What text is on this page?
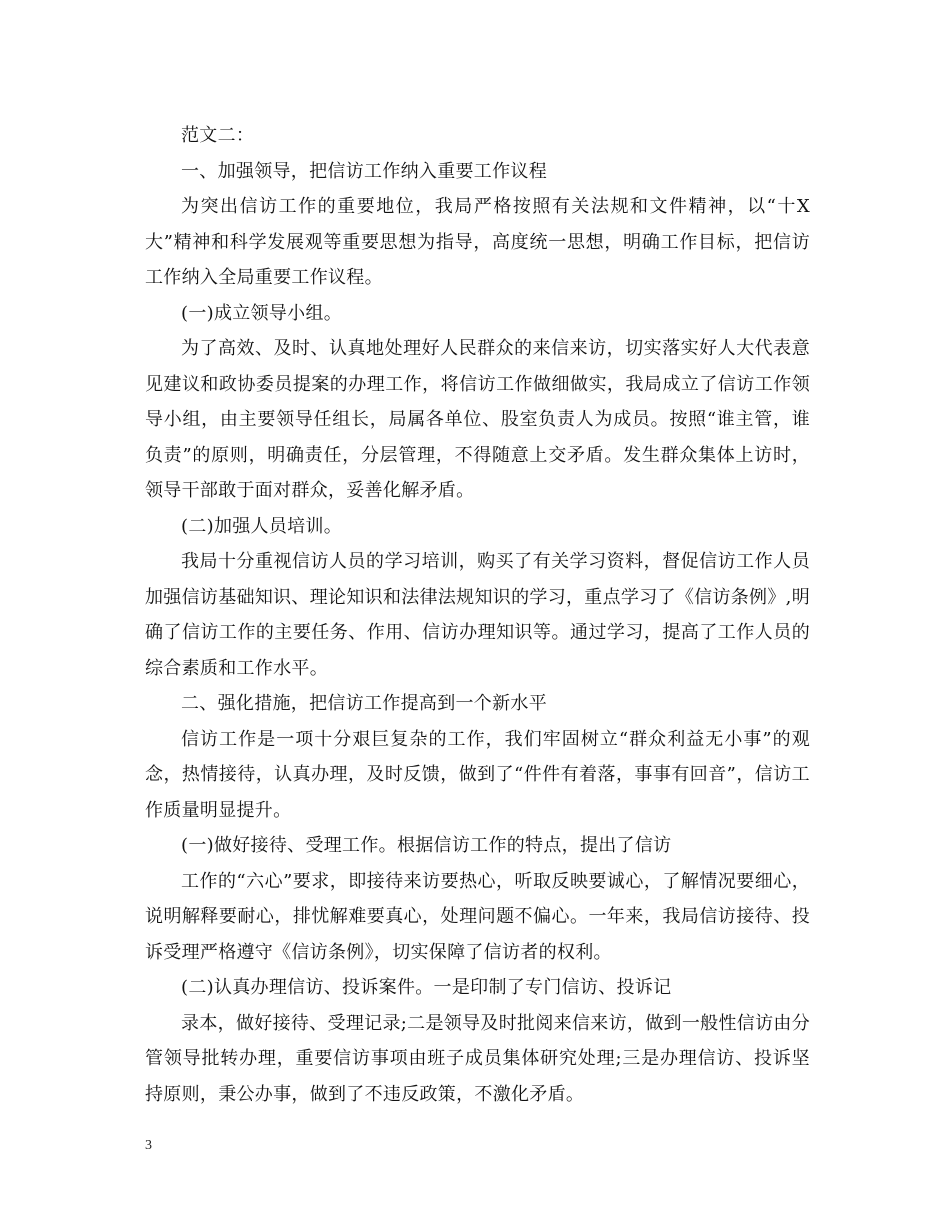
范文二：

一、加强领导，把信访工作纳入重要工作议程

为突出信访工作的重要地位，我局严格按照有关法规和文件精神，以“十X大”精神和科学发展观等重要思想为指导，高度统一思想，明确工作目标，把信访工作纳入全局重要工作议程。

(一)成立领导小组。

为了高效、及时、认真地处理好人民群众的来信来访，切实落实好人大代表意见建议和政协委员提案的办理工作，将信访工作做细做实，我局成立了信访工作领导小组，由主要领导任组长，局属各单位、股室负责人为成员。按照“谁主管，谁负责”的原则，明确责任，分层管理，不得随意上交矛盾。发生群众集体上访时，领导干部敢于面对群众，妥善化解矛盾。

(二)加强人员培训。

我局十分重视信访人员的学习培训，购买了有关学习资料，督促信访工作人员加强信访基础知识、理论知识和法律法规知识的学习，重点学习了《信访条例》,明确了信访工作的主要任务、作用、信访办理知识等。通过学习，提高了工作人员的综合素质和工作水平。

二、强化措施，把信访工作提高到一个新水平

信访工作是一项十分艰巨复杂的工作，我们牢固树立“群众利益无小事”的观念，热情接待，认真办理，及时反馈，做到了“件件有着落，事事有回音”，信访工作质量明显提升。

(一)做好接待、受理工作。根据信访工作的特点，提出了信访

工作的“六心”要求，即接待来访要热心，听取反映要诚心，了解情况要细心，说明解释要耐心，排忧解难要真心，处理问题不偏心。一年来，我局信访接待、投诉受理严格遵守《信访条例》，切实保障了信访者的权利。

(二)认真办理信访、投诉案件。一是印制了专门信访、投诉记

录本，做好接待、受理记录;二是领导及时批阅来信来访，做到一般性信访由分管领导批转办理，重要信访事项由班子成员集体研究处理;三是办理信访、投诉坚持原则，秉公办事，做到了不违反政策，不激化矛盾。

3
